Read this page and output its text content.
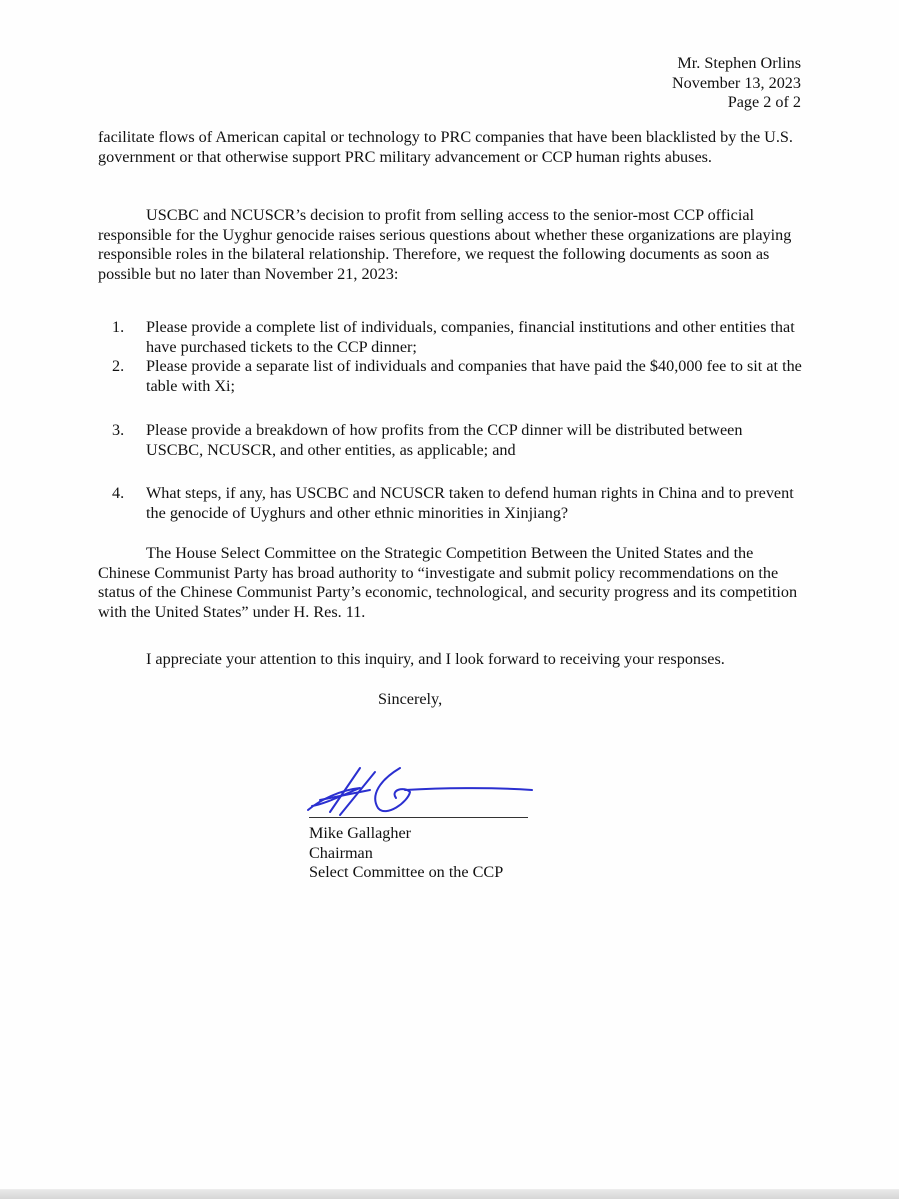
Mr. Stephen Orlins
November 13, 2023
Page 2 of 2
facilitate flows of American capital or technology to PRC companies that have been blacklisted by the U.S. government or that otherwise support PRC military advancement or CCP human rights abuses.
USCBC and NCUSCR’s decision to profit from selling access to the senior-most CCP official responsible for the Uyghur genocide raises serious questions about whether these organizations are playing responsible roles in the bilateral relationship. Therefore, we request the following documents as soon as possible but no later than November 21, 2023:
1.	Please provide a complete list of individuals, companies, financial institutions and other entities that have purchased tickets to the CCP dinner;
2.	Please provide a separate list of individuals and companies that have paid the $40,000 fee to sit at the table with Xi;
3.	Please provide a breakdown of how profits from the CCP dinner will be distributed between USCBC, NCUSCR, and other entities, as applicable; and
4.	What steps, if any, has USCBC and NCUSCR taken to defend human rights in China and to prevent the genocide of Uyghurs and other ethnic minorities in Xinjiang?
The House Select Committee on the Strategic Competition Between the United States and the Chinese Communist Party has broad authority to “investigate and submit policy recommendations on the status of the Chinese Communist Party’s economic, technological, and security progress and its competition with the United States” under H. Res. 11.
I appreciate your attention to this inquiry, and I look forward to receiving your responses.
Sincerely,
Mike Gallagher
Chairman
Select Committee on the CCP
